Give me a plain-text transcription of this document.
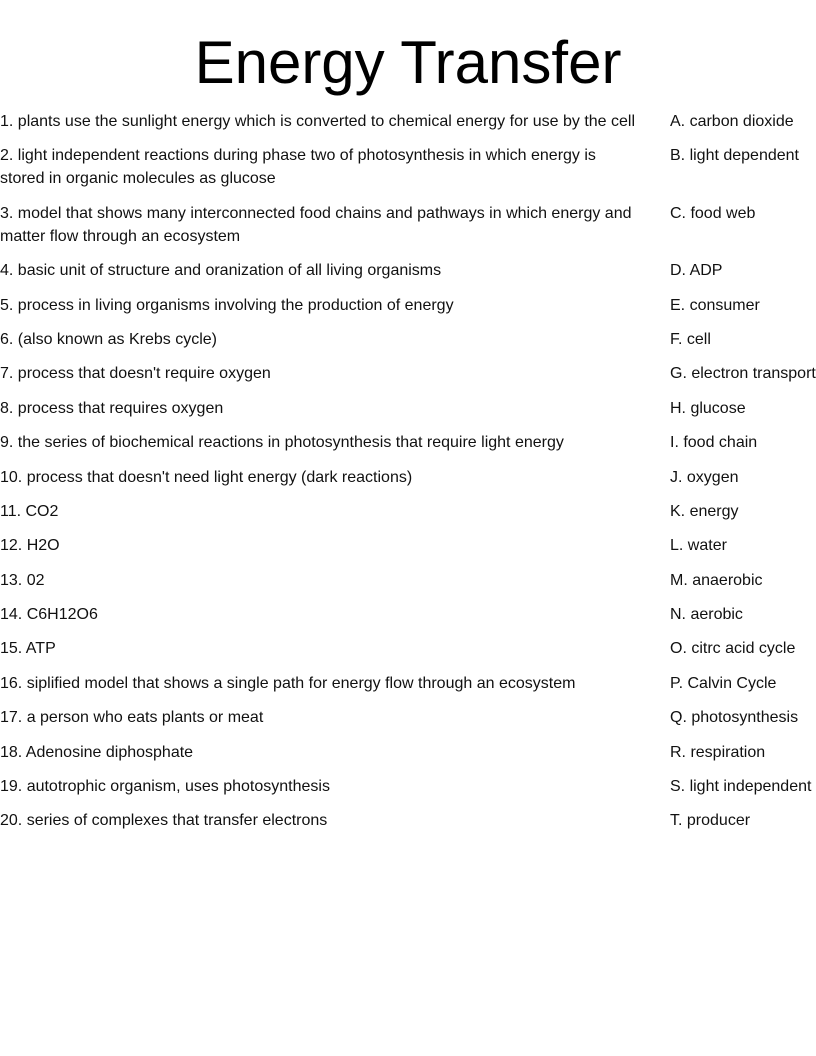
Energy Transfer
1. plants use the sunlight energy which is converted to chemical energy for use by the cell	A. carbon dioxide
2. light independent reactions during phase two of photosynthesis in which energy is stored in organic molecules as glucose
B. light dependent
3. model that shows many interconnected food chains and pathways in which energy and matter flow through an ecosystem
C. food web
4. basic unit of structure and oranization of all living organisms	D. ADP
5. process in living organisms involving the production of energy	E. consumer
6. (also known as Krebs cycle)	F. cell
7. process that doesn't require oxygen	G. electron transport
8. process that requires oxygen	H. glucose
9. the series of biochemical reactions in photosynthesis that require light energy	I. food chain
10. process that doesn't need light energy (dark reactions)	J. oxygen
11. CO2	K. energy
12. H2O	L. water
13. 02	M. anaerobic
14. C6H12O6	N. aerobic
15. ATP	O. citrc acid cycle
16. siplified model that shows a single path for energy flow through an ecosystem	P. Calvin Cycle
17. a person who eats plants or meat	Q. photosynthesis
18. Adenosine diphosphate	R. respiration
19. autotrophic organism, uses photosynthesis	S. light independent
20. series of complexes that transfer electrons	T. producer
